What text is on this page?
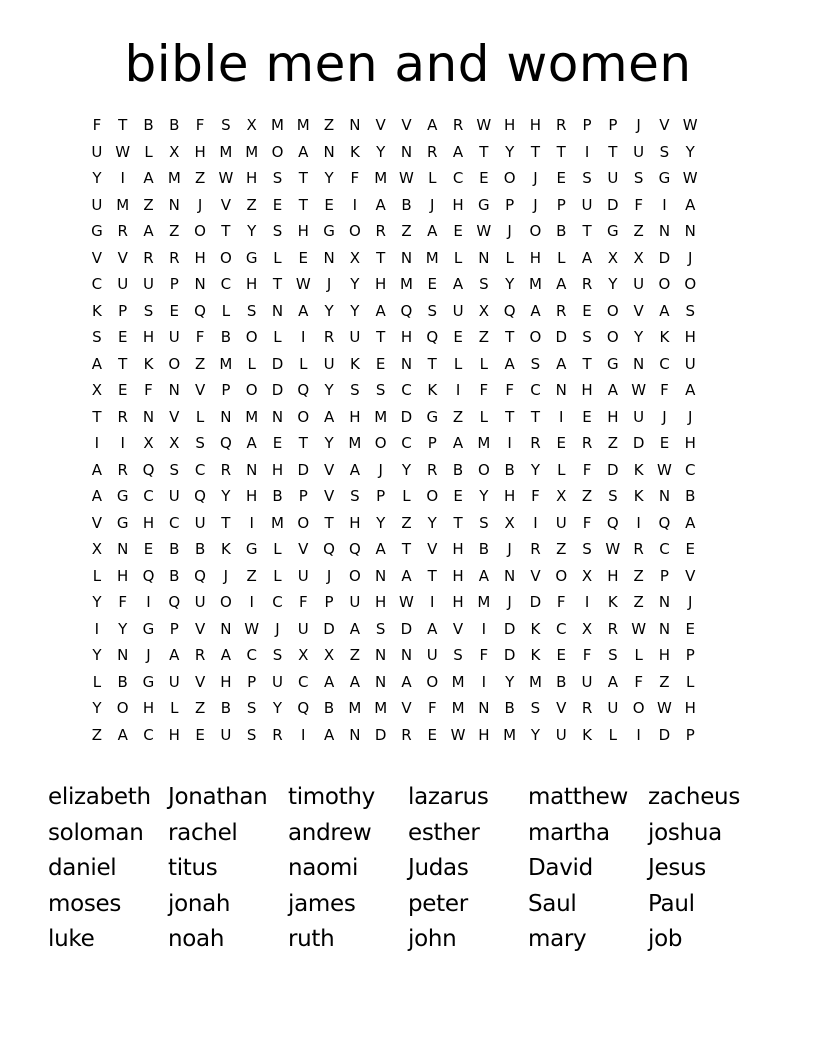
bible men and women
F	T	B	B	F	S	X M M Z	N	V	V	A	R W H H R	P	P	J	V W
U W L	X	H M M O A	N	K	Y	N R	A	T	Y	T	T	I	T	U	S	Y
Y	I	A M Z W H	S	T	Y	F	M W L	C	E	O	J	E	S	U	S	G W
U M Z	N	J	V	Z	E	T	E	I	A	B	J	H G	P	J	P	U D	F	I	A
G R	A	Z O	T	Y	S	H G O R	Z	A	E W	J	O B	T	G Z	N N
V	V	R	R H O G	L	E	N	X	T	N M	L	N	L	H	L	A	X	X D	J
C	U U	P	N C H	T W	J	Y	H M E	A	S	Y M A	R	Y	U O O
K	P	S	E	Q	L	S	N	A	Y	Y	A Q	S	U	X Q A	R	E	O V	A	S
S	E	H U	F	B O	L	I	R	U	T	H Q	E	Z	T	O D	S	O	Y	K	H
A	T	K O Z M	L	D	L	U	K	E	N	T	L	L	A	S	A	T	G N C	U
X	E	F	N	V	P	O D Q	Y	S	S	C	K	I	F	F	C N H	A W F	A
T	R N	V	L	N M N O A	H M D G Z	L	T	T	I	E	H U	J	J
I	I	X	X	S	Q A	E	T	Y M O C	P	A M	I	R	E	R	Z D	E	H
A	R Q	S	C	R N H D V	A	J	Y	R	B O B	Y	L	F	D	K W C
A G C	U Q	Y	H	B	P	V	S	P	L	O	E	Y	H	F	X	Z	S	K	N	B
V G H C	U	T	I	M O	T	H	Y	Z	Y	T	S	X	I	U	F	Q	I	Q A
X	N	E	B	B	K	G	L	V Q Q A	T	V	H	B	J	R	Z	S W R	C	E
L	H Q B Q	J	Z	L	U	J	O N	A	T	H	A	N	V O X	H	Z	P	V
Y	F	I	Q U O	I	C	F	P	U H W	I	H M	J	D	F	I	K	Z	N	J
I	Y	G	P	V	N W	J	U D A	S	D A	V	I	D	K	C	X	R W N	E
Y	N	J	A	R	A	C	S	X	X	Z	N N U	S	F	D	K	E	F	S	L	H	P
L	B G U	V	H	P	U	C	A	A	N	A O M	I	Y M B	U	A	F	Z	L
Y	O H	L	Z	B	S	Y	Q B M M V	F	M N	B	S	V	R	U O W H
Z	A	C H	E	U	S	R	I	A	N D R	E W H M Y	U	K	L	I	D	P
elizabeth Jonathan timothy	lazarus	matthew zacheus
soloman	rachel	andrew	esther	martha	joshua
daniel	titus	naomi	Judas	David	Jesus
moses	jonah	james	peter	Saul	Paul
luke	noah	ruth	john	mary	job
